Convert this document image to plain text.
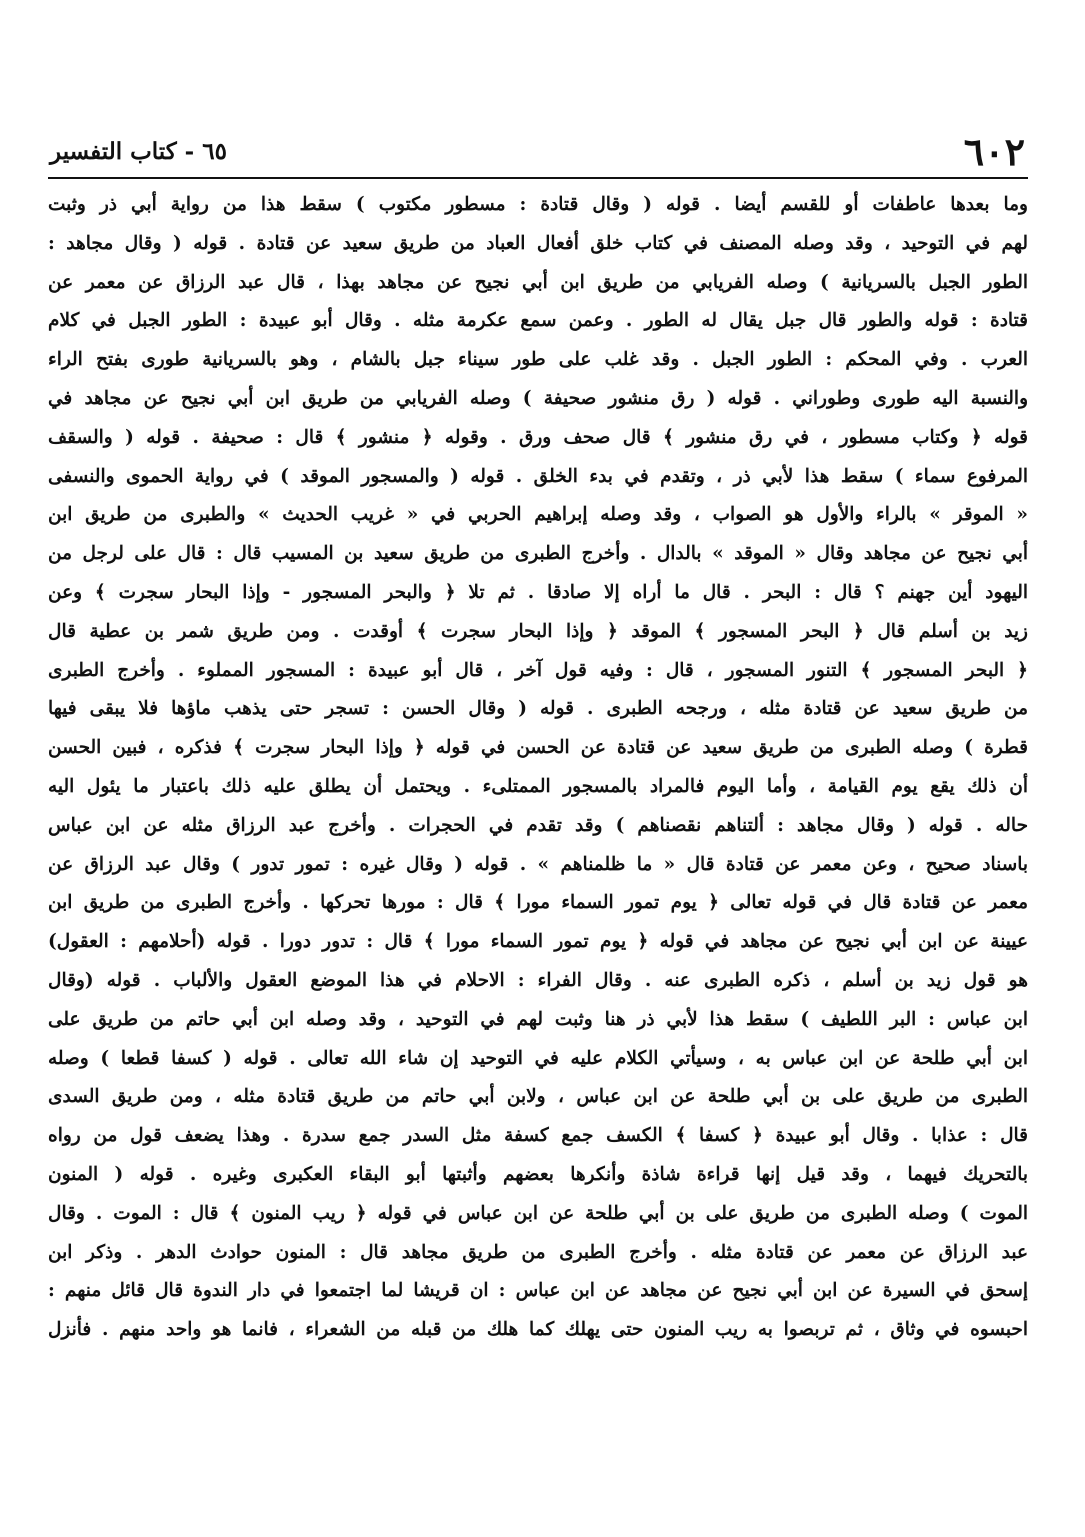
٦٠٢
٦٥ - كتاب التفسير
وما بعدها عاطفات أو للقسم أيضا . قوله ( وقال قتادة : مسطور مكتوب ) سقط هذا من رواية أبي ذر وثبت
لهم في التوحيد ، وقد وصله المصنف في كتاب خلق أفعال العباد من طريق سعيد عن قتادة . قوله ( وقال مجاهد :
الطور الجبل بالسريانية ) وصله الفريابي من طريق ابن أبي نجيح عن مجاهد بهذا ، قال عبد الرزاق عن معمر عن
قتادة : قوله والطور قال جبل يقال له الطور . وعمن سمع عكرمة مثله . وقال أبو عبيدة : الطور الجبل في كلام
العرب . وفي المحكم : الطور الجبل . وقد غلب على طور سيناء جبل بالشام ، وهو بالسريانية طورى بفتح الراء
والنسبة اليه طورى وطوراني . قوله ( رق منشور صحيفة ) وصله الفريابي من طريق ابن أبي نجيح عن مجاهد في
قوله ﴿ وكتاب مسطور ، في رق منشور ﴾ قال صحف ورق . وقوله ﴿ منشور ﴾ قال : صحيفة . قوله ( والسقف
المرفوع سماء ) سقط هذا لأبي ذر ، وتقدم في بدء الخلق . قوله ( والمسجور الموقد ) في رواية الحموى والنسفى
« الموقر » بالراء والأول هو الصواب ، وقد وصله إبراهيم الحربي في « غريب الحديث » والطبرى من طريق ابن
أبي نجيح عن مجاهد وقال « الموقد » بالدال . وأخرج الطبرى من طريق سعيد بن المسيب قال : قال على لرجل من
اليهود أين جهنم ؟ قال : البحر . قال ما أراه إلا صادقا . ثم تلا ﴿ والبحر المسجور - وإذا البحار سجرت ﴾ وعن
زيد بن أسلم قال ﴿ البحر المسجور ﴾ الموقد ﴿ وإذا البحار سجرت ﴾ أوقدت . ومن طريق شمر بن عطية قال
﴿ البحر المسجور ﴾ التنور المسجور ، قال : وفيه قول آخر ، قال أبو عبيدة : المسجور المملوء . وأخرج الطبرى
من طريق سعيد عن قتادة مثله ، ورجحه الطبرى . قوله ( وقال الحسن : تسجر حتى يذهب ماؤها فلا يبقى فيها
قطرة ) وصله الطبرى من طريق سعيد عن قتادة عن الحسن في قوله ﴿ وإذا البحار سجرت ﴾ فذكره ، فبين الحسن
أن ذلك يقع يوم القيامة ، وأما اليوم فالمراد بالمسجور الممتلىء . ويحتمل أن يطلق عليه ذلك باعتبار ما يئول اليه
حاله . قوله ( وقال مجاهد : ألتناهم نقصناهم ) وقد تقدم في الحجرات . وأخرج عبد الرزاق مثله عن ابن عباس
باسناد صحيح ، وعن معمر عن قتادة قال « ما ظلمناهم » . قوله ( وقال غيره : تمور تدور ) وقال عبد الرزاق عن
معمر عن قتادة قال في قوله تعالى ﴿ يوم تمور السماء مورا ﴾ قال : مورها تحركها . وأخرج الطبرى من طريق ابن
عيينة عن ابن أبي نجيح عن مجاهد في قوله ﴿ يوم تمور السماء مورا ﴾ قال : تدور دورا . قوله (أحلامهم : العقول)
هو قول زيد بن أسلم ، ذكره الطبرى عنه . وقال الفراء : الاحلام في هذا الموضع العقول والألباب . قوله (وقال
ابن عباس : البر اللطيف ) سقط هذا لأبي ذر هنا وثبت لهم في التوحيد ، وقد وصله ابن أبي حاتم من طريق على
ابن أبي طلحة عن ابن عباس به ، وسيأتي الكلام عليه في التوحيد إن شاء الله تعالى . قوله ( كسفا قطعا ) وصله
الطبرى من طريق على بن أبي طلحة عن ابن عباس ، ولابن أبي حاتم من طريق قتادة مثله ، ومن طريق السدى
قال : عذابا . وقال أبو عبيدة ﴿ كسفا ﴾ الكسف جمع كسفة مثل السدر جمع سدرة . وهذا يضعف قول من رواه
بالتحريك فيهما ، وقد قيل إنها قراءة شاذة وأنكرها بعضهم وأثبتها أبو البقاء العكبرى وغيره . قوله ( المنون
الموت ) وصله الطبرى من طريق على بن أبي طلحة عن ابن عباس في قوله ﴿ ريب المنون ﴾ قال : الموت . وقال
عبد الرزاق عن معمر عن قتادة مثله . وأخرج الطبرى من طريق مجاهد قال : المنون حوادث الدهر . وذكر ابن
إسحق في السيرة عن ابن أبي نجيح عن مجاهد عن ابن عباس : ان قريشا لما اجتمعوا في دار الندوة قال قائل منهم :
احبسوه في وثاق ، ثم تربصوا به ريب المنون حتى يهلك كما هلك من قبله من الشعراء ، فانما هو واحد منهم . فأنزل
